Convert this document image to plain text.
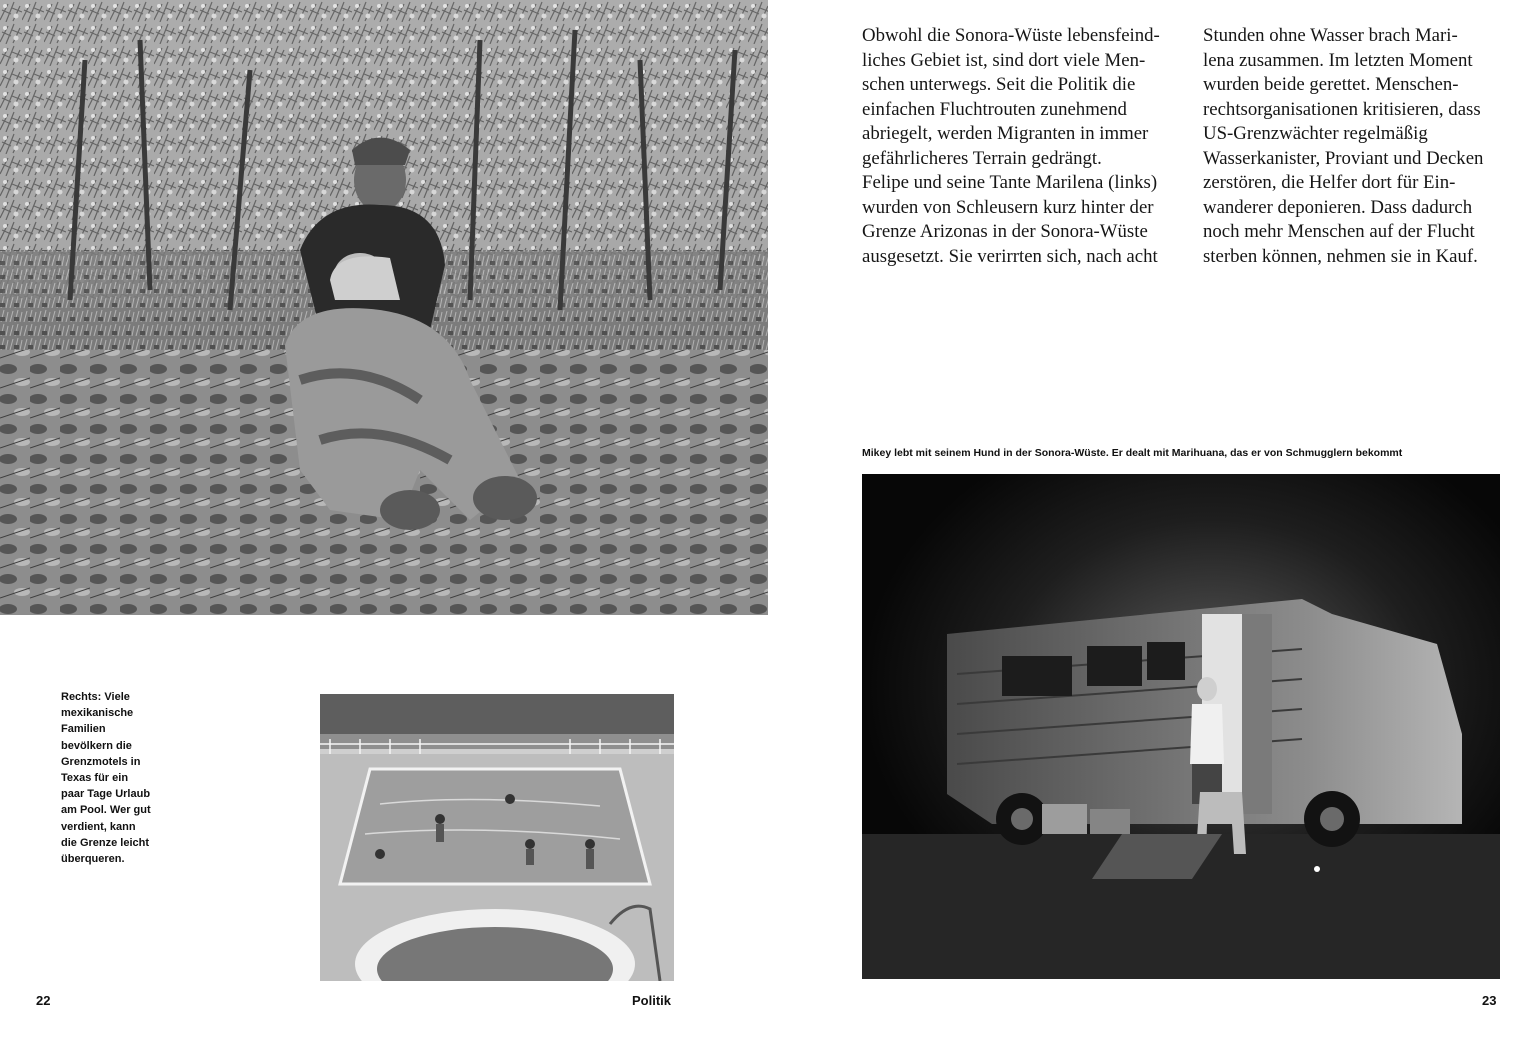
Obwohl die Sonora-Wüste lebensfeind-
liches Gebiet ist, sind dort viele Men-
schen unterwegs. Seit die Politik die
einfachen Fluchtrouten zunehmend
abriegelt, werden Migranten in immer
gefährlicheres Terrain gedrängt.
Felipe und seine Tante Marilena (links)
wurden von Schleusern kurz hinter der
Grenze Arizonas in der Sonora-Wüste
ausgesetzt. Sie verirrten sich, nach acht
Stunden ohne Wasser brach Mari-
lena zusammen. Im letzten Moment
wurden beide gerettet. Menschen-
rechtsorganisationen kritisieren, dass
US-Grenzwächter regelmäßig
Wasserkanister, Proviant und Decken
zerstören, die Helfer dort für Ein-
wanderer deponieren. Dass dadurch
noch mehr Menschen auf der Flucht
sterben können, nehmen sie in Kauf.
Mikey lebt mit seinem Hund in der Sonora-Wüste. Er dealt mit Marihuana, das er von Schmugglern bekommt
Rechts: Viele
mexikanische
Familien
bevölkern die
Grenzmotels in
Texas für ein
paar Tage Urlaub
am Pool. Wer gut
verdient, kann
die Grenze leicht
überqueren.
22	Politik	23
